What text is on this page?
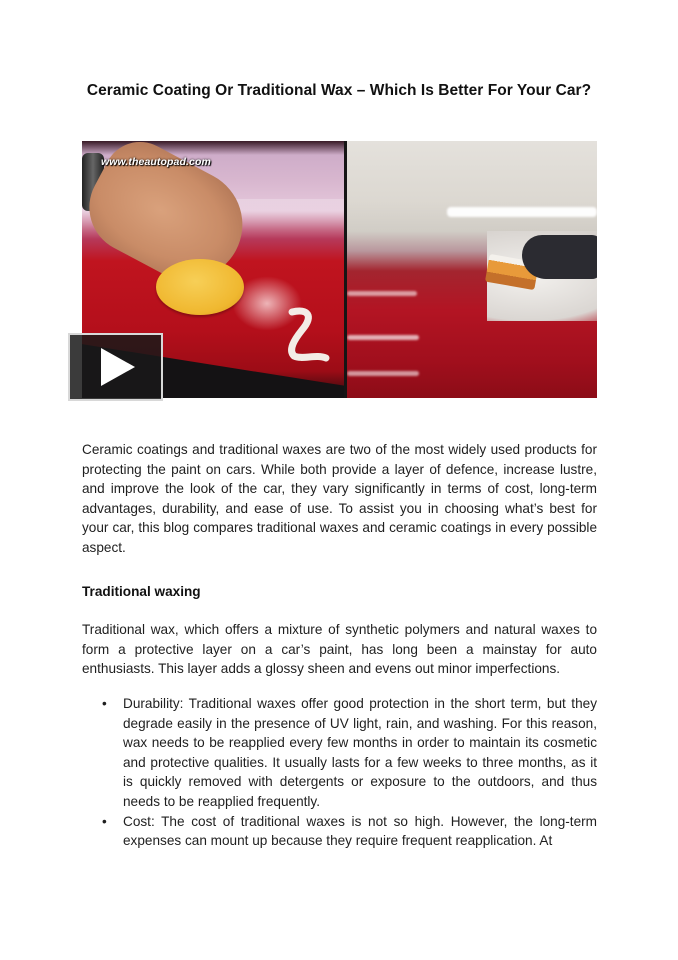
Ceramic Coating Or Traditional Wax – Which Is Better For Your Car?
www.theautopad.com

Ceramic coatings and traditional waxes are two of the most widely used products for protecting the paint on cars. While both provide a layer of defence, increase lustre, and improve the look of the car, they vary significantly in terms of cost, long-term advantages, durability, and ease of use. To assist you in choosing what’s best for your car, this blog compares traditional waxes and ceramic coatings in every possible aspect.

Traditional waxing

Traditional wax, which offers a mixture of synthetic polymers and natural waxes to form a protective layer on a car’s paint, has long been a mainstay for auto enthusiasts. This layer adds a glossy sheen and evens out minor imperfections.

• Durability: Traditional waxes offer good protection in the short term, but they degrade easily in the presence of UV light, rain, and washing. For this reason, wax needs to be reapplied every few months in order to maintain its cosmetic and protective qualities. It usually lasts for a few weeks to three months, as it is quickly removed with detergents or exposure to the outdoors, and thus needs to be reapplied frequently.
• Cost: The cost of traditional waxes is not so high. However, the long-term expenses can mount up because they require frequent reapplication. At
